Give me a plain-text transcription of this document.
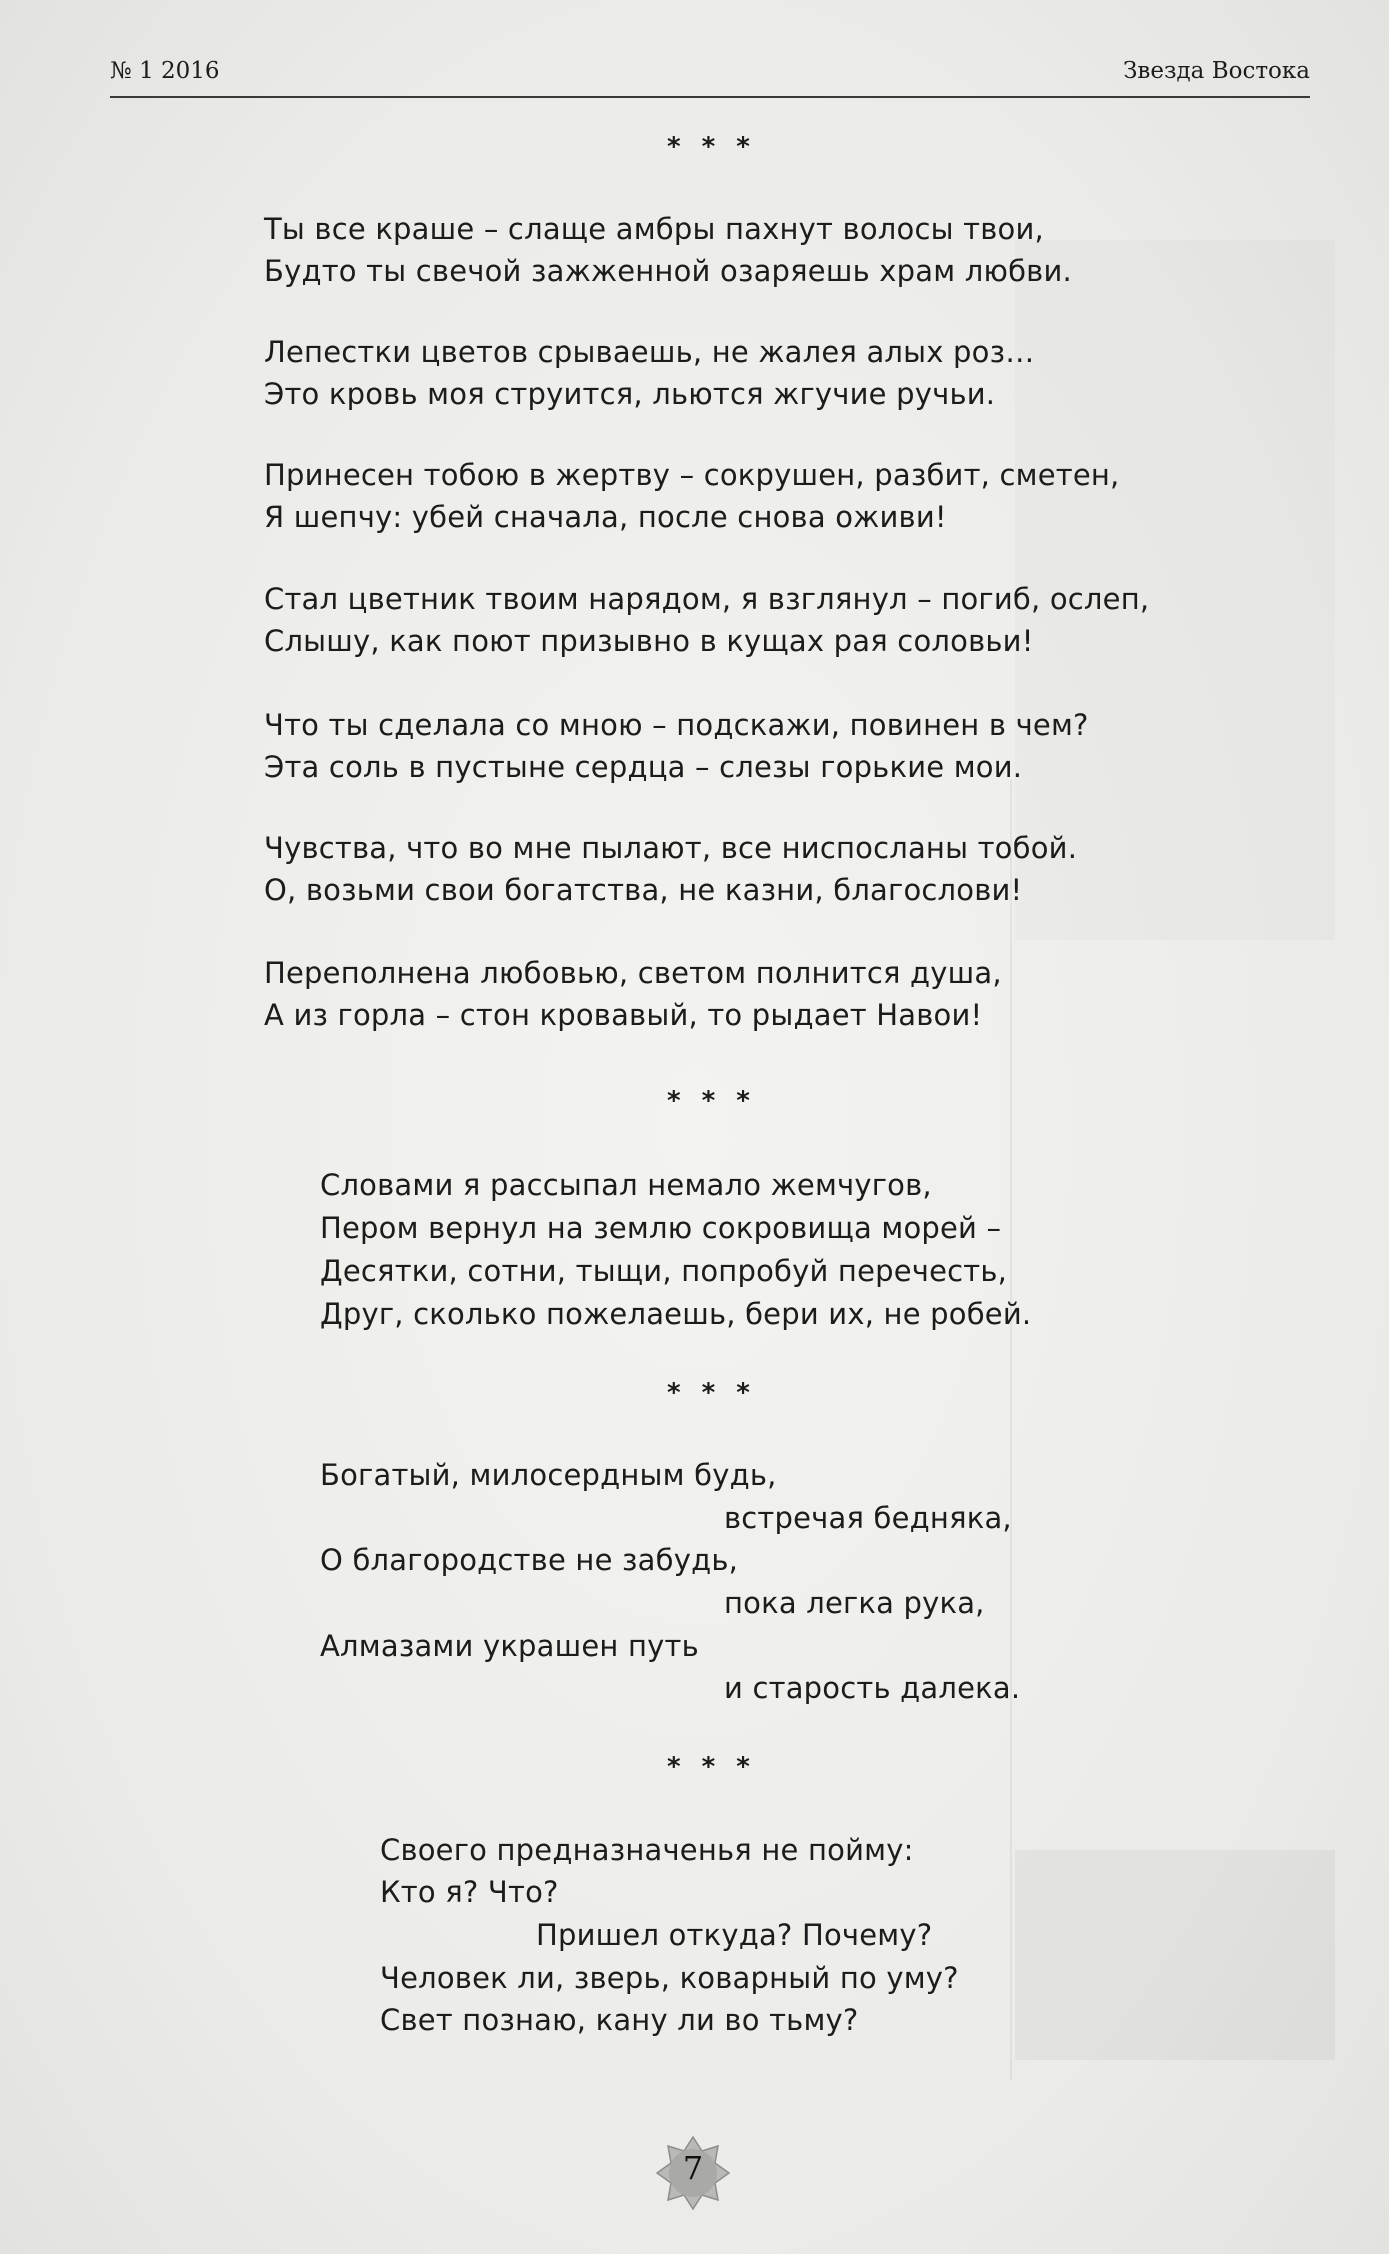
№ 1 2016	Звезда Востока
* * *
Ты все краше – слаще амбры пахнут волосы твои,
Будто ты свечой зажженной озаряешь храм любви.
Лепестки цветов срываешь, не жалея алых роз…
Это кровь моя струится, льются жгучие ручьи.
Принесен тобою в жертву – сокрушен, разбит, сметен,
Я шепчу: убей сначала, после снова оживи!
Стал цветник твоим нарядом, я взглянул – погиб, ослеп,
Слышу, как поют призывно в кущах рая соловьи!
Что ты сделала со мною – подскажи, повинен в чем?
Эта соль в пустыне сердца – слезы горькие мои.
Чувства, что во мне пылают, все ниспосланы тобой.
О, возьми свои богатства, не казни, благослови!
Переполнена любовью, светом полнится душа,
А из горла – стон кровавый, то рыдает Навои!
* * *
Словами я рассыпал немало жемчугов,
Пером вернул на землю сокровища морей –
Десятки, сотни, тыщи, попробуй перечесть,
Друг, сколько пожелаешь, бери их, не робей.
* * *
Богатый, милосердным будь,
встречая бедняка,
О благородстве не забудь,
пока легка рука,
Алмазами украшен путь
и старость далека.
* * *
Своего предназначенья не пойму:
Кто я? Что?
Пришел откуда? Почему?
Человек ли, зверь, коварный по уму?
Свет познаю, кану ли во тьму?
7
